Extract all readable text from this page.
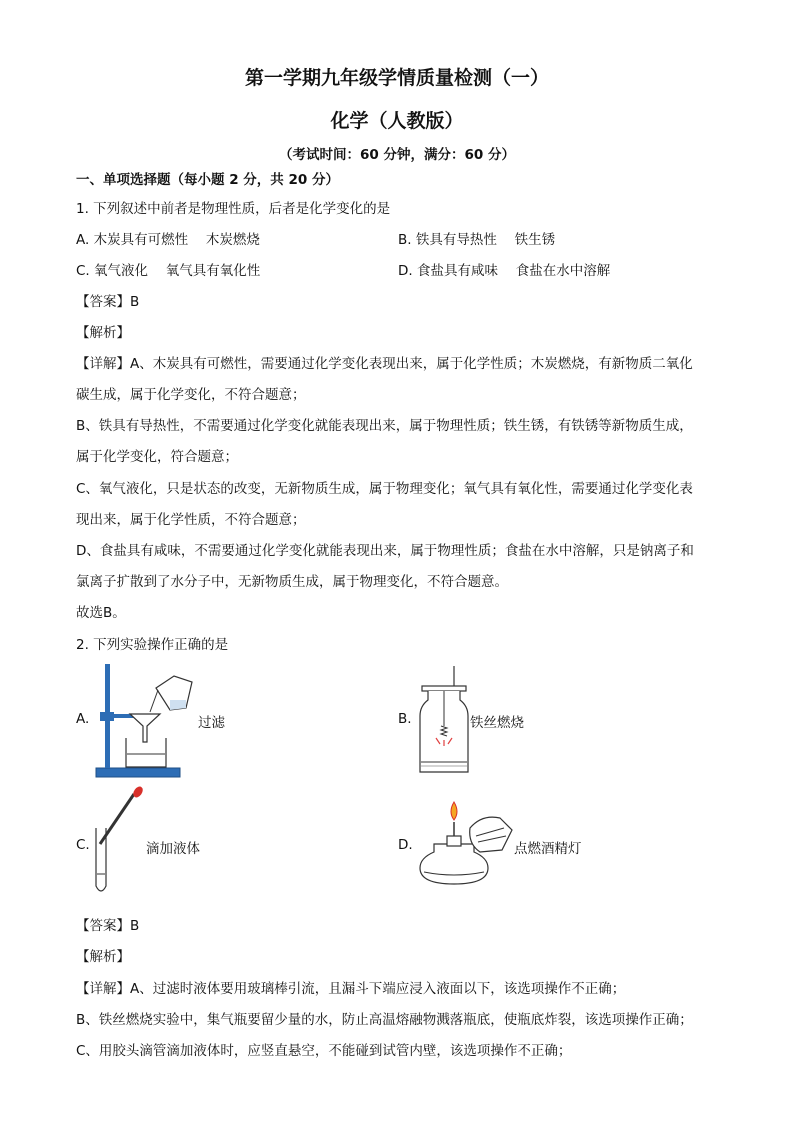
第一学期九年级学情质量检测（一）
化学（人教版）
（考试时间：60 分钟，满分：60 分）
一、单项选择题（每小题 2 分，共 20 分）
1. 下列叙述中前者是物理性质，后者是化学变化的是
A. 木炭具有可燃性　 木炭燃烧	B. 铁具有导热性　 铁生锈
C. 氧气液化　 氧气具有氧化性	D. 食盐具有咸味　 食盐在水中溶解
【答案】B
【解析】
【详解】A、木炭具有可燃性，需要通过化学变化表现出来，属于化学性质；木炭燃烧，有新物质二氧化
碳生成，属于化学变化，不符合题意；
B、铁具有导热性，不需要通过化学变化就能表现出来，属于物理性质；铁生锈，有铁锈等新物质生成，
属于化学变化，符合题意；
C、氧气液化，只是状态的改变，无新物质生成，属于物理变化；氧气具有氧化性，需要通过化学变化表
现出来，属于化学性质，不符合题意；
D、食盐具有咸味，不需要通过化学变化就能表现出来，属于物理性质；食盐在水中溶解，只是钠离子和
氯离子扩散到了水分子中，无新物质生成，属于物理变化，不符合题意。
故选B。
2. 下列实验操作正确的是
A.	过滤	B.	铁丝燃烧
C.	滴加液体	D.	点燃酒精灯
【答案】B
【解析】
【详解】A、过滤时液体要用玻璃棒引流，且漏斗下端应浸入液面以下，该选项操作不正确；
B、铁丝燃烧实验中，集气瓶要留少量的水，防止高温熔融物溅落瓶底，使瓶底炸裂，该选项操作正确；
C、用胶头滴管滴加液体时，应竖直悬空，不能碰到试管内壁，该选项操作不正确；
